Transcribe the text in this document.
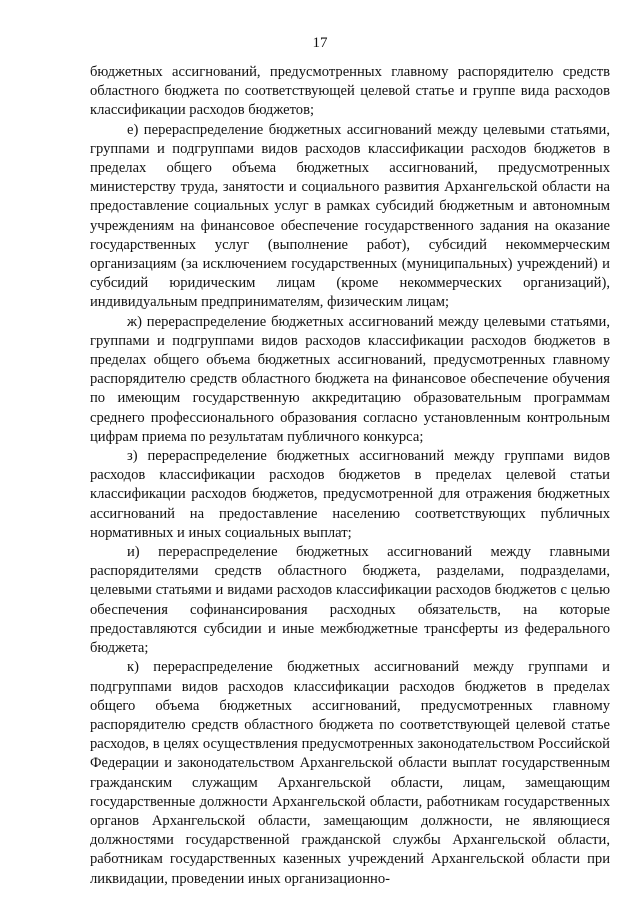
17

бюджетных ассигнований, предусмотренных главному распорядителю средств областного бюджета по соответствующей целевой статье и группе вида расходов классификации расходов бюджетов;

е) перераспределение бюджетных ассигнований между целевыми статьями, группами и подгруппами видов расходов классификации расходов бюджетов в пределах общего объема бюджетных ассигнований, предусмотренных министерству труда, занятости и социального развития Архангельской области на предоставление социальных услуг в рамках субсидий бюджетным и автономным учреждениям на финансовое обеспечение государственного задания на оказание государственных услуг (выполнение работ), субсидий некоммерческим организациям (за исключением государственных (муниципальных) учреждений) и субсидий юридическим лицам (кроме некоммерческих организаций), индивидуальным предпринимателям, физическим лицам;

ж) перераспределение бюджетных ассигнований между целевыми статьями, группами и подгруппами видов расходов классификации расходов бюджетов в пределах общего объема бюджетных ассигнований, предусмотренных главному распорядителю средств областного бюджета на финансовое обеспечение обучения по имеющим государственную аккредитацию образовательным программам среднего профессионального образования согласно установленным контрольным цифрам приема по результатам публичного конкурса;

з) перераспределение бюджетных ассигнований между группами видов расходов классификации расходов бюджетов в пределах целевой статьи классификации расходов бюджетов, предусмотренной для отражения бюджетных ассигнований на предоставление населению соответствующих публичных нормативных и иных социальных выплат;

и) перераспределение бюджетных ассигнований между главными распорядителями средств областного бюджета, разделами, подразделами, целевыми статьями и видами расходов классификации расходов бюджетов с целью обеспечения софинансирования расходных обязательств, на которые предоставляются субсидии и иные межбюджетные трансферты из федерального бюджета;

к) перераспределение бюджетных ассигнований между группами и подгруппами видов расходов классификации расходов бюджетов в пределах общего объема бюджетных ассигнований, предусмотренных главному распорядителю средств областного бюджета по соответствующей целевой статье расходов, в целях осуществления предусмотренных законодательством Российской Федерации и законодательством Архангельской области выплат государственным гражданским служащим Архангельской области, лицам, замещающим государственные должности Архангельской области, работникам государственных органов Архангельской области, замещающим должности, не являющиеся должностями государственной гражданской службы Архангельской области, работникам государственных казенных учреждений Архангельской области при ликвидации, проведении иных организационно-
